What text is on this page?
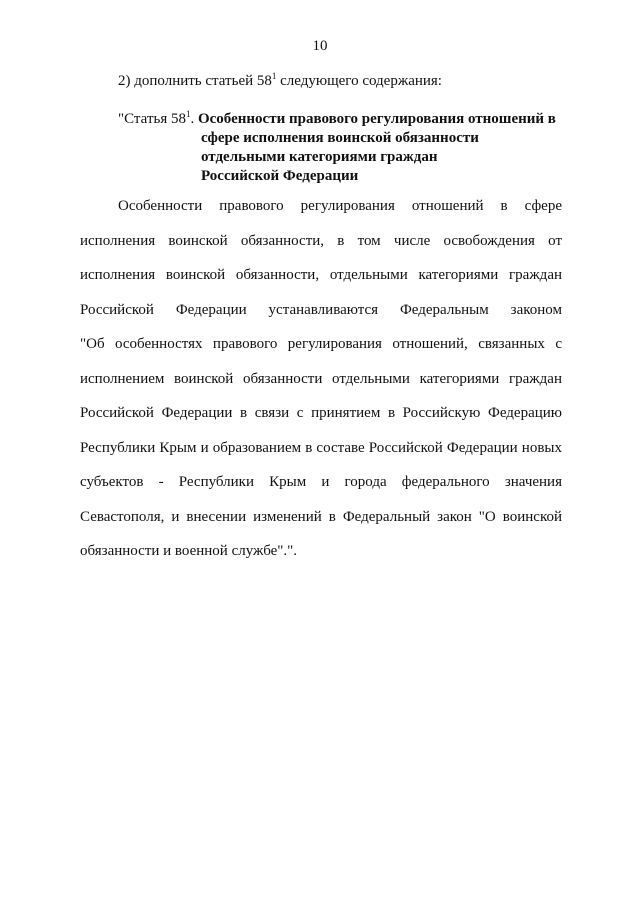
10
2) дополнить статьей $58^1$ следующего содержания:
"Статья $58^1$. Особенности правового регулирования отношений в
сфере исполнения воинской обязанности
отдельными категориями граждан
Российской Федерации
Особенности правового регулирования отношений в сфере
исполнения воинской обязанности, в том числе освобождения от
исполнения воинской обязанности, отдельными категориями граждан
Российской Федерации устанавливаются Федеральным законом
"Об особенностях правового регулирования отношений, связанных с
исполнением воинской обязанности отдельными категориями граждан
Российской Федерации в связи с принятием в Российскую Федерацию
Республики Крым и образованием в составе Российской Федерации новых
субъектов - Республики Крым и города федерального значения
Севастополя, и внесении изменений в Федеральный закон "О воинской
обязанности и военной службе".".
